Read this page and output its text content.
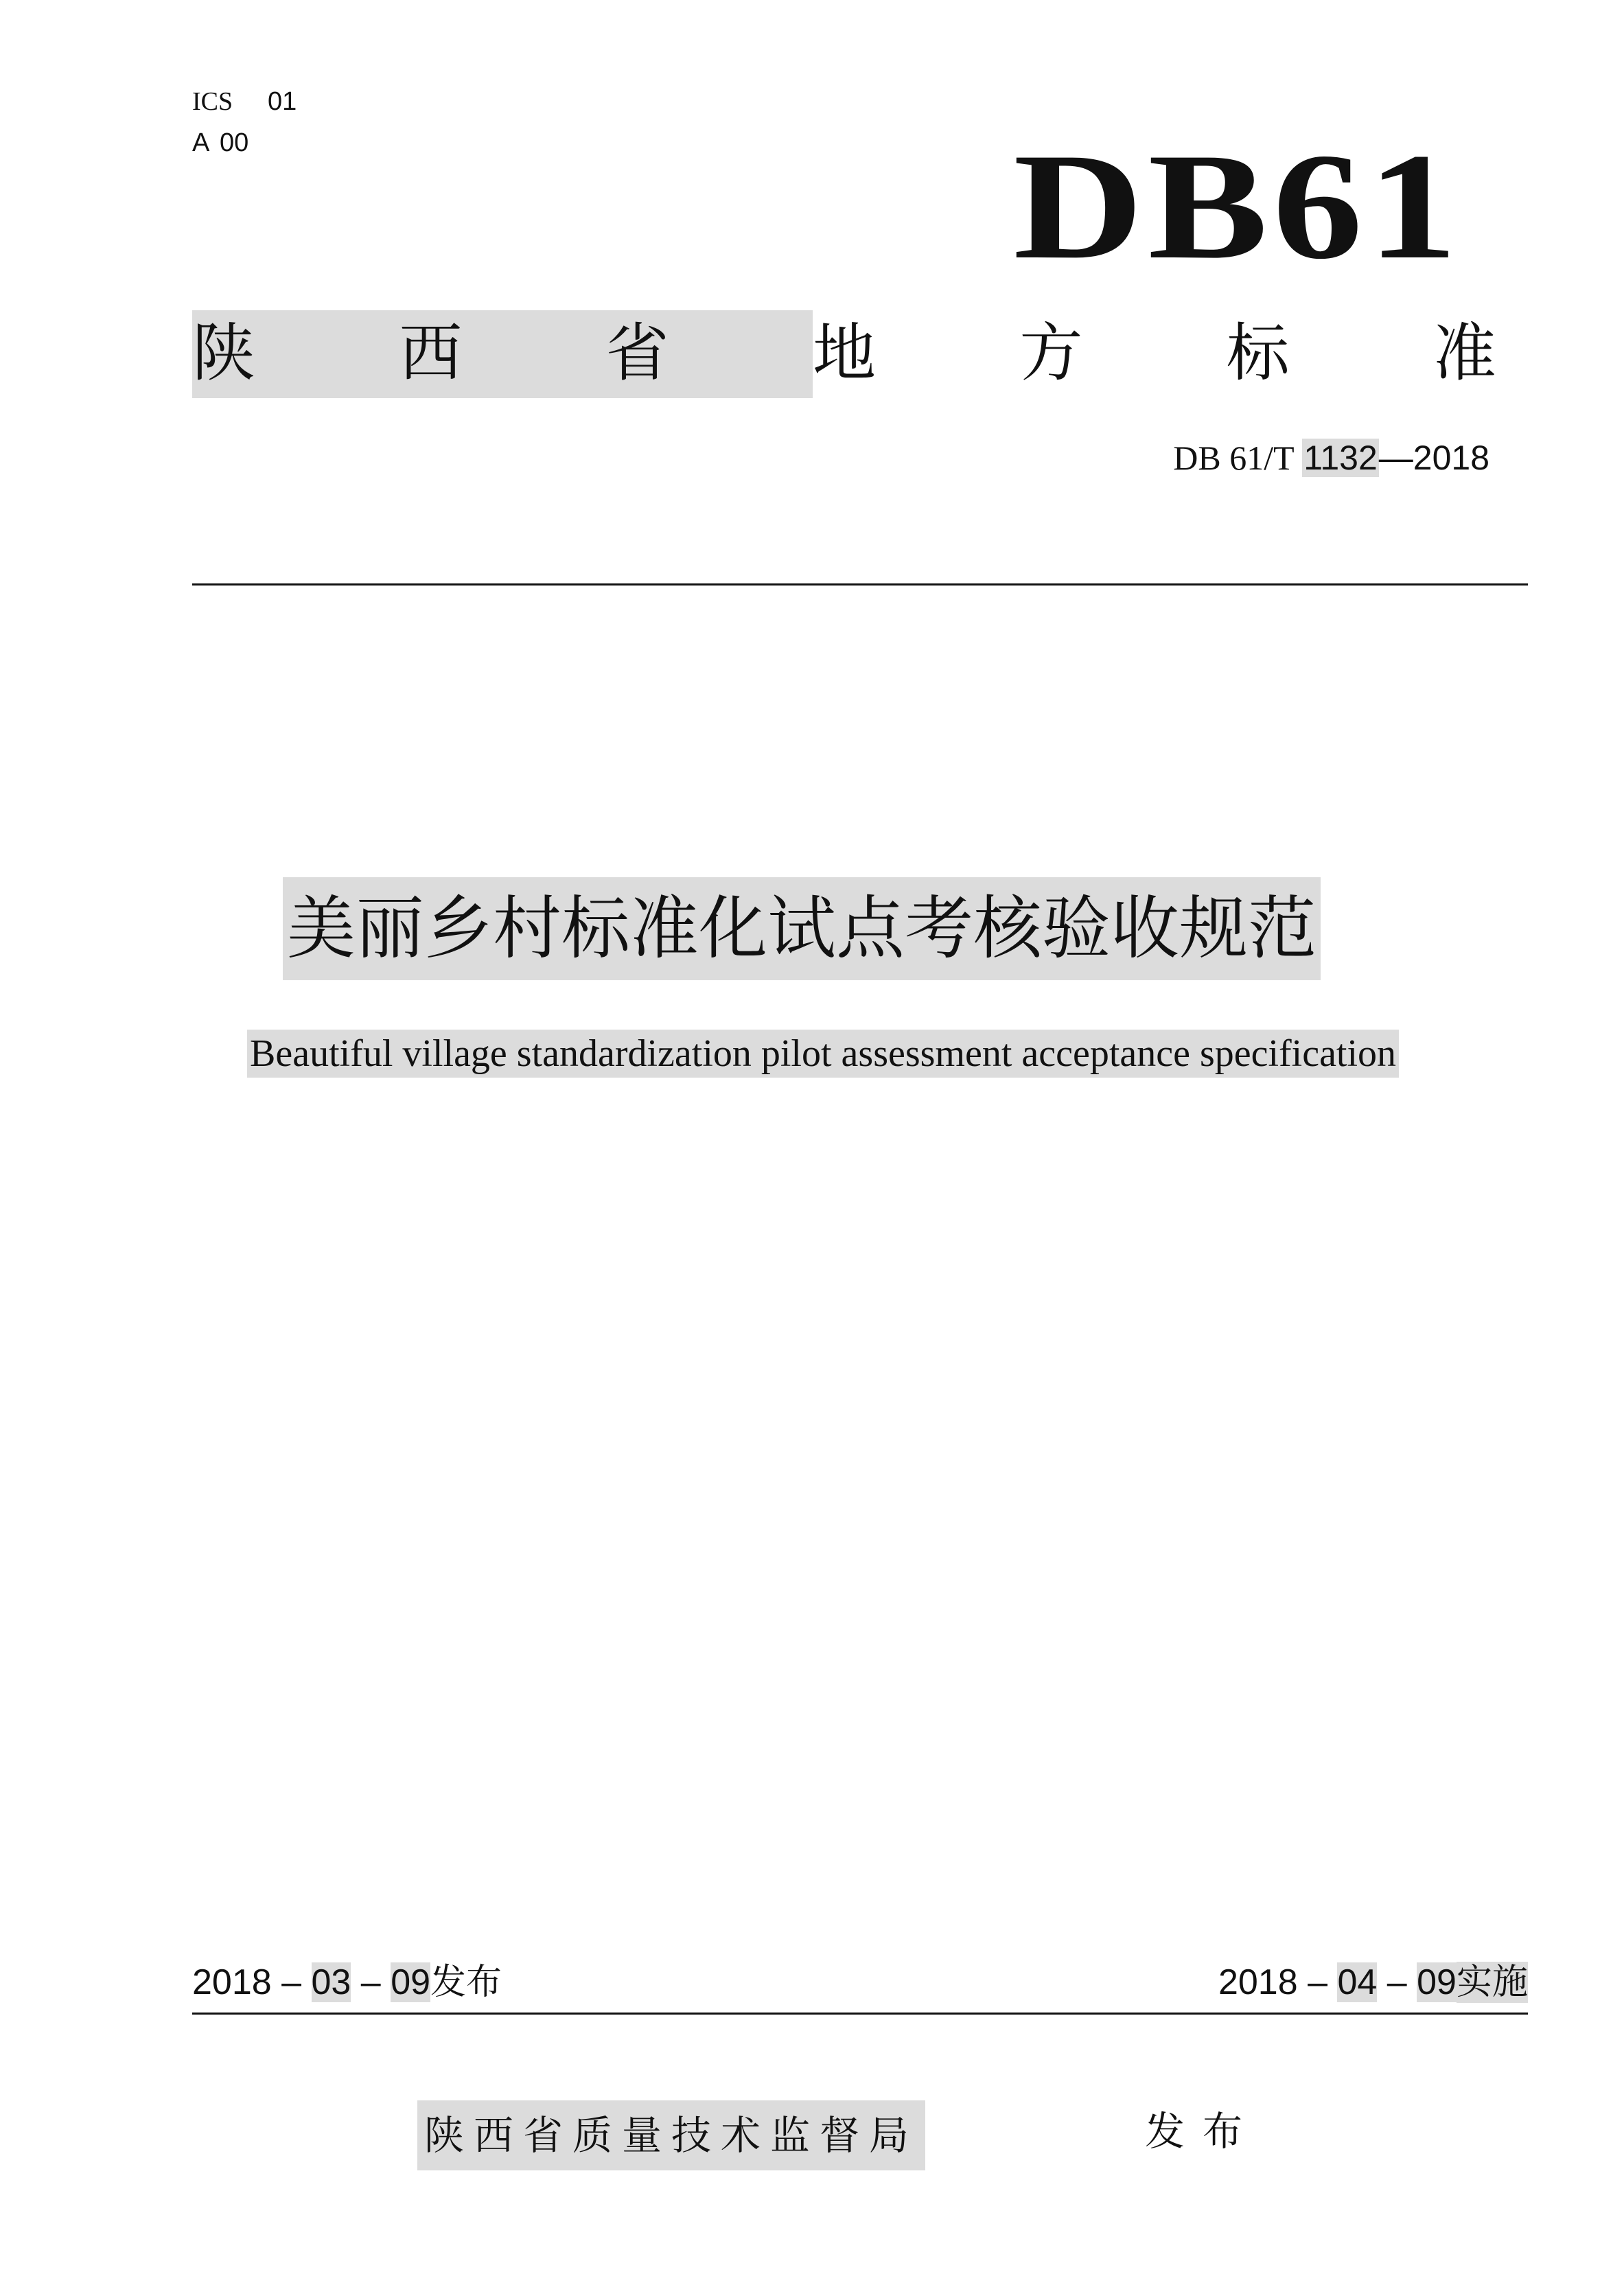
ICS 01
A 00	DB61
陕 西 省 地 方 标 准
DB 61/T 1132—2018
美丽乡村标准化试点考核验收规范
Beautiful village standardization pilot assessment acceptance specification
2018 – 03 – 09发布	2018 – 04 – 09实施
陕西省质量技术监督局	发布
